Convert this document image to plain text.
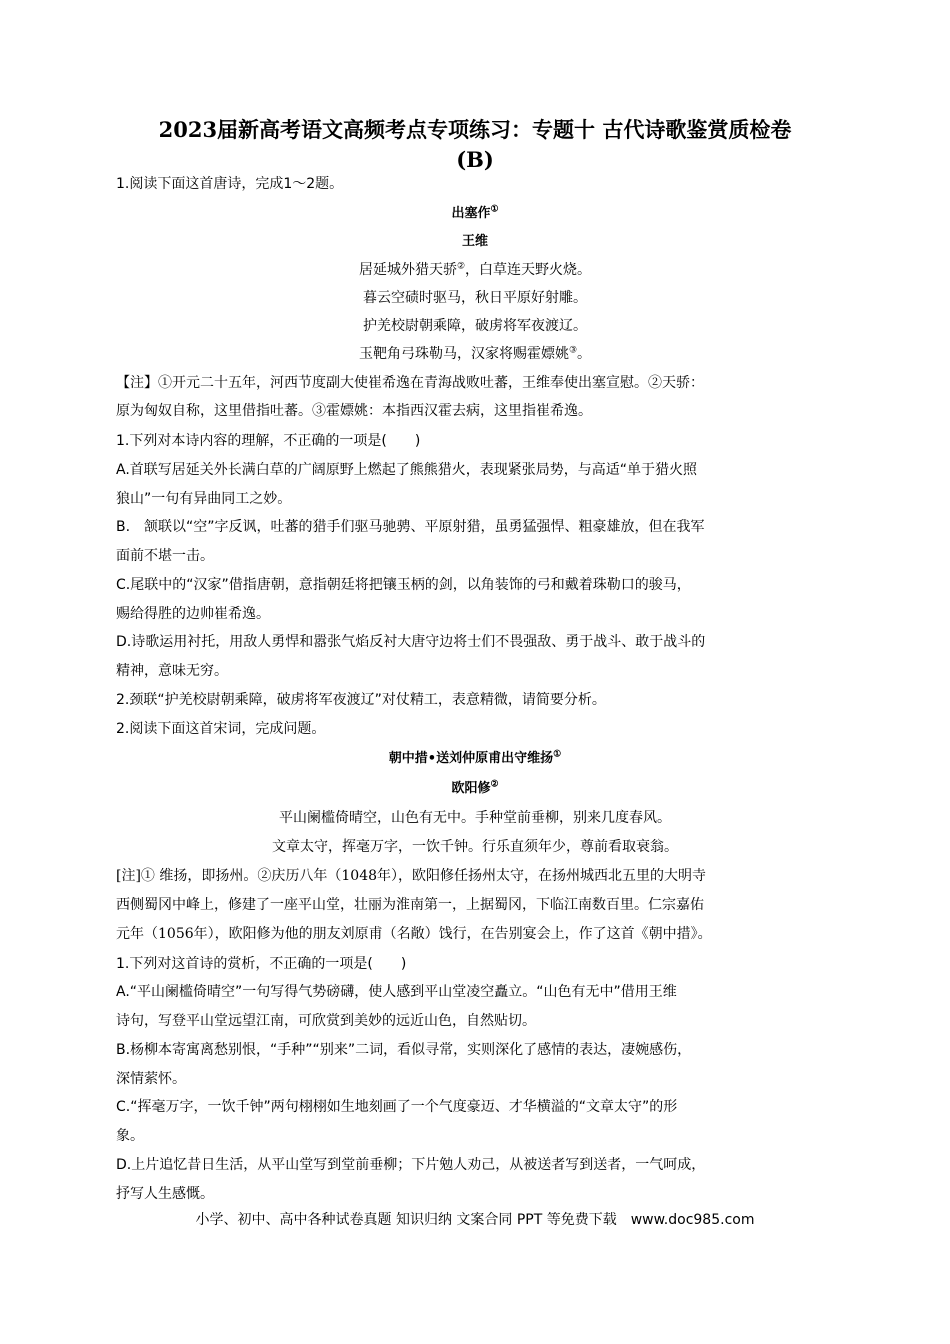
2023届新高考语文高频考点专项练习：专题十 古代诗歌鉴赏质检卷
(B)
1.阅读下面这首唐诗，完成1～2题。
出塞作①
王维
居延城外猎天骄②，白草连天野火烧。
暮云空碛时驱马，秋日平原好射雕。
护羌校尉朝乘障，破虏将军夜渡辽。
玉靶角弓珠勒马，汉家将赐霍嫖姚③。
【注】①开元二十五年，河西节度副大使崔希逸在青海战败吐蕃，王维奉使出塞宣慰。②天骄：
原为匈奴自称，这里借指吐蕃。③霍嫖姚：本指西汉霍去病，这里指崔希逸。
1.下列对本诗内容的理解，不正确的一项是(　　)
A.首联写居延关外长满白草的广阔原野上燃起了熊熊猎火，表现紧张局势，与高适“单于猎火照
狼山”一句有异曲同工之妙。
B.　颔联以“空”字反讽，吐蕃的猎手们驱马驰骋、平原射猎，虽勇猛强悍、粗豪雄放，但在我军
面前不堪一击。
C.尾联中的“汉家”借指唐朝，意指朝廷将把镶玉柄的剑，以角装饰的弓和戴着珠勒口的骏马，
赐给得胜的边帅崔希逸。
D.诗歌运用衬托，用敌人勇悍和嚣张气焰反衬大唐守边将士们不畏强敌、勇于战斗、敢于战斗的
精神，意味无穷。
2.颈联“护羌校尉朝乘障，破虏将军夜渡辽”对仗精工，表意精微，请简要分析。
2.阅读下面这首宋词，完成问题。
朝中措•送刘仲原甫出守维扬①
欧阳修②
平山阑槛倚晴空，山色有无中。手种堂前垂柳，别来几度春风。
文章太守，挥毫万字，一饮千钟。行乐直须年少，尊前看取衰翁。
[注]① 维扬，即扬州。②庆历八年（1048年），欧阳修任扬州太守，在扬州城西北五里的大明寺
西侧蜀冈中峰上，修建了一座平山堂，壮丽为淮南第一，上据蜀冈，下临江南数百里。仁宗嘉佑
元年（1056年），欧阳修为他的朋友刘原甫（名敞）饯行，在告别宴会上，作了这首《朝中措》。
1.下列对这首诗的赏析，不正确的一项是(　　)
A.“平山阑槛倚晴空”一句写得气势磅礴，使人感到平山堂凌空矗立。“山色有无中”借用王维
诗句，写登平山堂远望江南，可欣赏到美妙的远近山色，自然贴切。
B.杨柳本寄寓离愁别恨，“手种”“别来”二词，看似寻常，实则深化了感情的表达，凄婉感伤，
深情萦怀。
C.“挥毫万字，一饮千钟”两句栩栩如生地刻画了一个气度豪迈、才华横溢的“文章太守”的形
象。
D.上片追忆昔日生活，从平山堂写到堂前垂柳；下片勉人劝己，从被送者写到送者，一气呵成，
抒写人生感慨。
小学、初中、高中各种试卷真题 知识归纳 文案合同 PPT 等免费下载　www.doc985.com
